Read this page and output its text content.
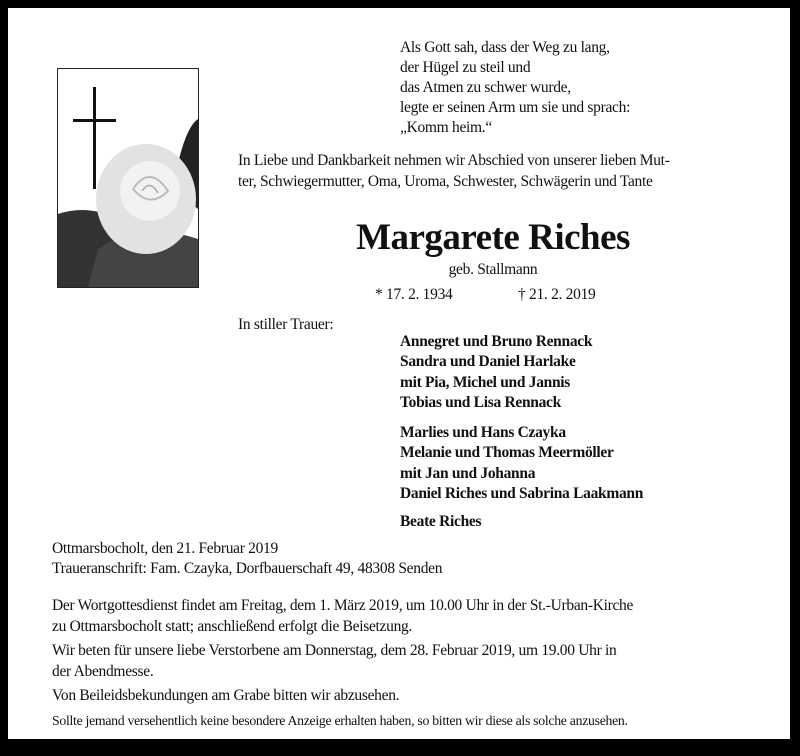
Als Gott sah, dass der Weg zu lang,
der Hügel zu steil und
das Atmen zu schwer wurde,
legte er seinen Arm um sie und sprach:
„Komm heim.“
In Liebe und Dankbarkeit nehmen wir Abschied von unserer lieben Mut-
ter, Schwiegermutter, Oma, Uroma, Schwester, Schwägerin und Tante
Margarete Riches
geb. Stallmann
* 17. 2. 1934	† 21. 2. 2019
In stiller Trauer:
Annegret und Bruno Rennack
Sandra und Daniel Harlake
mit Pia, Michel und Jannis
Tobias und Lisa Rennack
Marlies und Hans Czayka
Melanie und Thomas Meermöller
mit Jan und Johanna
Daniel Riches und Sabrina Laakmann
Beate Riches
Ottmarsbocholt, den 21. Februar 2019
Traueranschrift: Fam. Czayka, Dorfbauerschaft 49, 48308 Senden
Der Wortgottesdienst findet am Freitag, dem 1. März 2019, um 10.00 Uhr in der St.-Urban-Kirche
zu Ottmarsbocholt statt; anschließend erfolgt die Beisetzung.
Wir beten für unsere liebe Verstorbene am Donnerstag, dem 28. Februar 2019, um 19.00 Uhr in
der Abendmesse.
Von Beileidsbekundungen am Grabe bitten wir abzusehen.
Sollte jemand versehentlich keine besondere Anzeige erhalten haben, so bitten wir diese als solche anzusehen.
